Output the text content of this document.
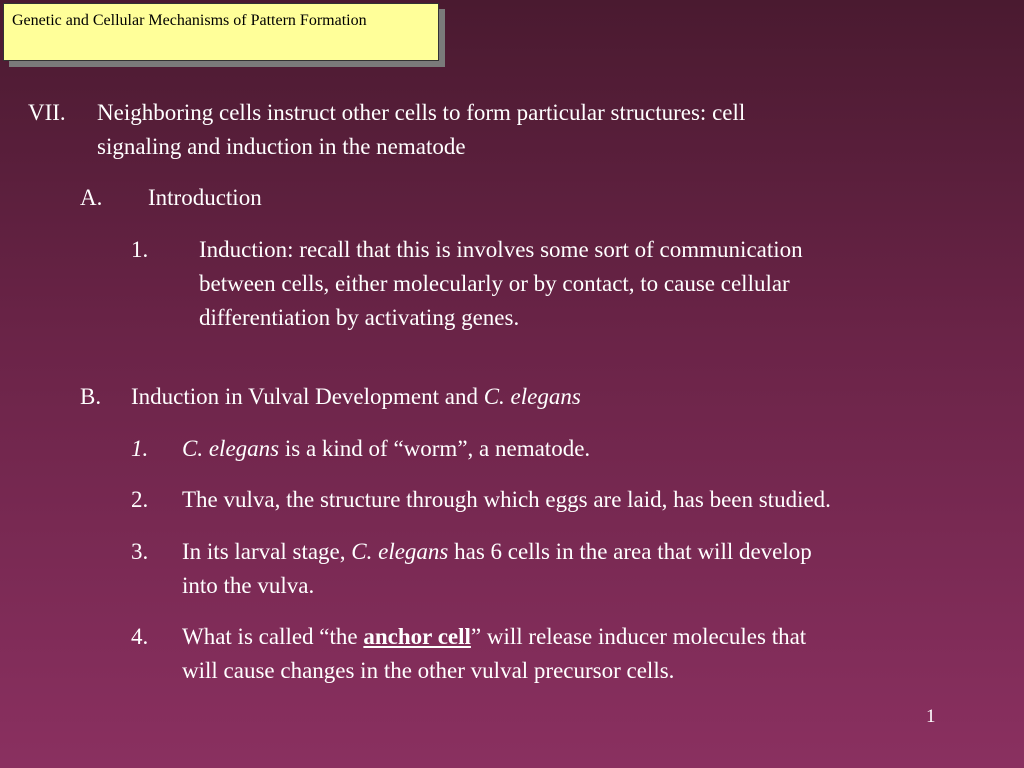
Genetic and Cellular Mechanisms of Pattern Formation
VII. Neighboring cells instruct other cells to form particular structures: cell
signaling and induction in the nematode
A. Introduction
1. Induction: recall that this is involves some sort of communication
between cells, either molecularly or by contact, to cause cellular
differentiation by activating genes.
B. Induction in Vulval Development and C. elegans
1. C. elegans is a kind of “worm”, a nematode.
2. The vulva, the structure through which eggs are laid, has been studied.
3. In its larval stage, C. elegans has 6 cells in the area that will develop
into the vulva.
4. What is called “the anchor cell” will release inducer molecules that
will cause changes in the other vulval precursor cells.
1
